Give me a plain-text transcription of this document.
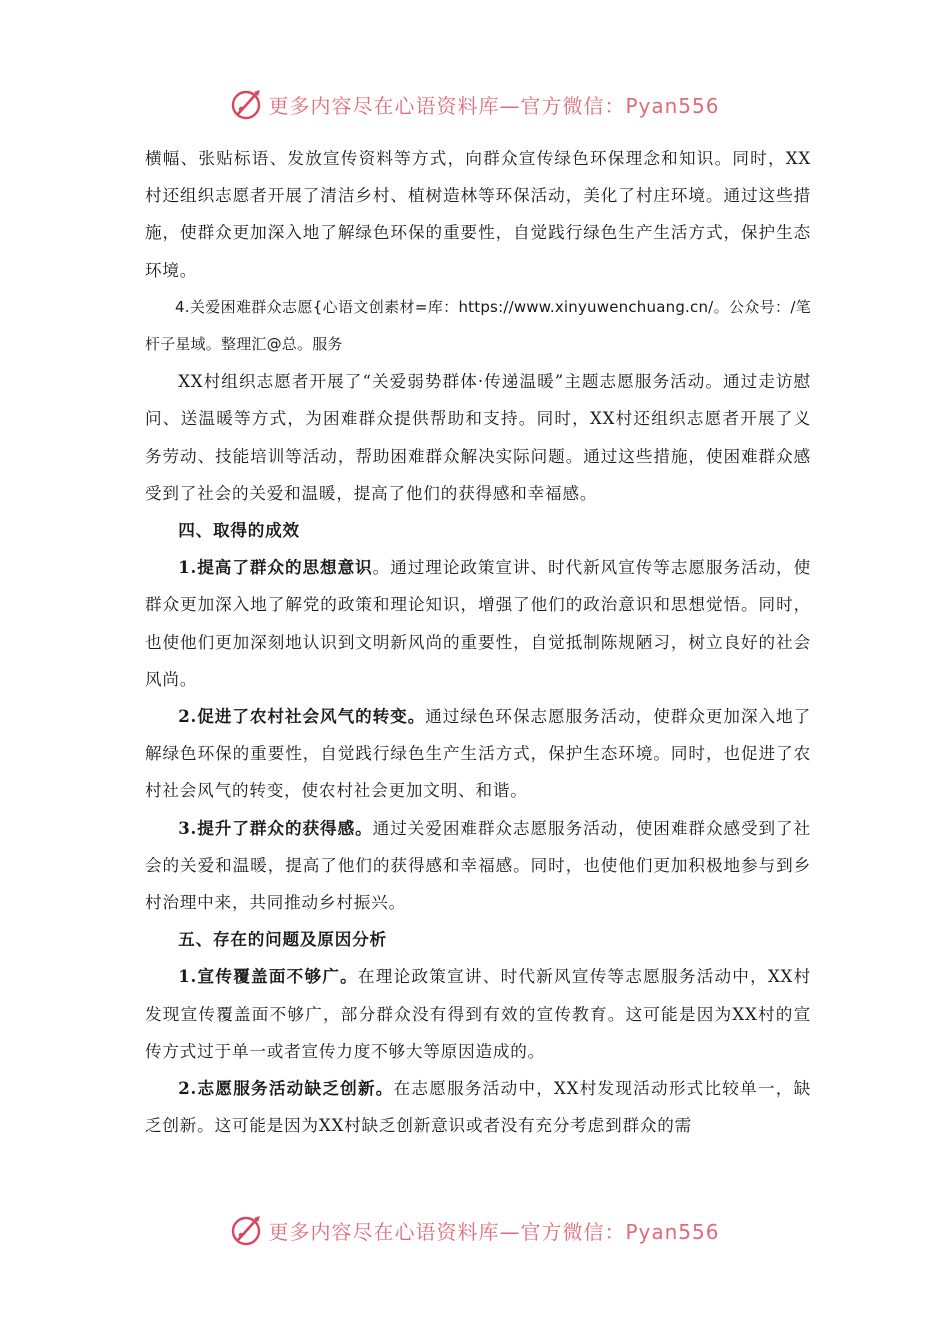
更多内容尽在心语资料库—官方微信：Pyan556

横幅、张贴标语、发放宣传资料等方式，向群众宣传绿色环保理念和知识。同时，XX村还组织志愿者开展了清洁乡村、植树造林等环保活动，美化了村庄环境。通过这些措施，使群众更加深入地了解绿色环保的重要性，自觉践行绿色生产生活方式，保护生态环境。

4.关爱困难群众志愿{心语文创素材=库：https://www.xinyuwenchuang.cn/。公众号：/笔杆子星域。整理汇@总。服务

XX村组织志愿者开展了“关爱弱势群体·传递温暖”主题志愿服务活动。通过走访慰问、送温暖等方式，为困难群众提供帮助和支持。同时，XX村还组织志愿者开展了义务劳动、技能培训等活动，帮助困难群众解决实际问题。通过这些措施，使困难群众感受到了社会的关爱和温暖，提高了他们的获得感和幸福感。

四、取得的成效

1.提高了群众的思想意识。通过理论政策宣讲、时代新风宣传等志愿服务活动，使群众更加深入地了解党的政策和理论知识，增强了他们的政治意识和思想觉悟。同时，也使他们更加深刻地认识到文明新风尚的重要性，自觉抵制陈规陋习，树立良好的社会风尚。

2.促进了农村社会风气的转变。通过绿色环保志愿服务活动，使群众更加深入地了解绿色环保的重要性，自觉践行绿色生产生活方式，保护生态环境。同时，也促进了农村社会风气的转变，使农村社会更加文明、和谐。

3.提升了群众的获得感。通过关爱困难群众志愿服务活动，使困难群众感受到了社会的关爱和温暖，提高了他们的获得感和幸福感。同时，也使他们更加积极地参与到乡村治理中来，共同推动乡村振兴。

五、存在的问题及原因分析

1.宣传覆盖面不够广。在理论政策宣讲、时代新风宣传等志愿服务活动中，XX村发现宣传覆盖面不够广，部分群众没有得到有效的宣传教育。这可能是因为XX村的宣传方式过于单一或者宣传力度不够大等原因造成的。

2.志愿服务活动缺乏创新。在志愿服务活动中，XX村发现活动形式比较单一，缺乏创新。这可能是因为XX村缺乏创新意识或者没有充分考虑到群众的需

更多内容尽在心语资料库—官方微信：Pyan556
